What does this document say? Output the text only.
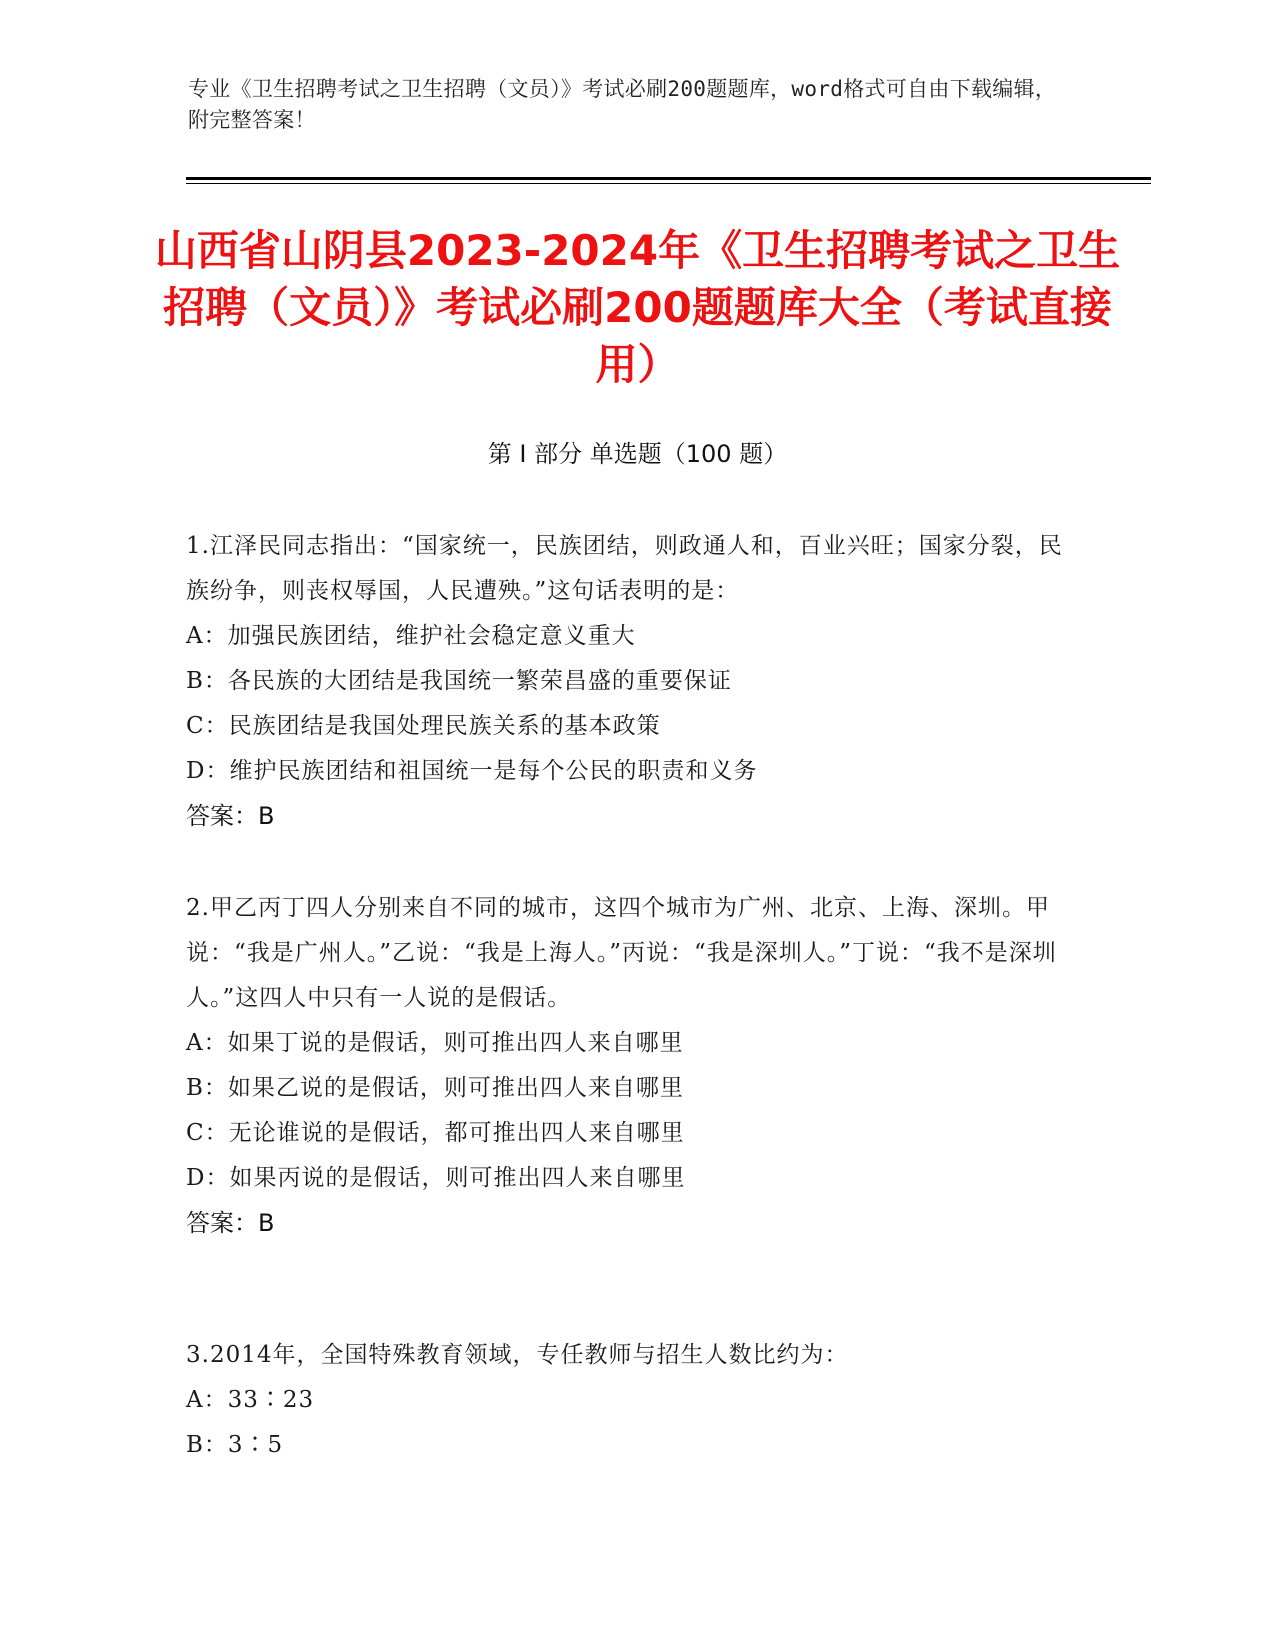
专业《卫生招聘考试之卫生招聘（文员）》考试必刷200题题库，word格式可自由下载编辑，附完整答案！
山西省山阴县2023-2024年《卫生招聘考试之卫生招聘（文员）》考试必刷200题题库大全（考试直接用）
第 I 部分 单选题（100 题）
1.江泽民同志指出：“国家统一，民族团结，则政通人和，百业兴旺；国家分裂，民族纷争，则丧权辱国，人民遭殃。”这句话表明的是：
A：加强民族团结，维护社会稳定意义重大
B：各民族的大团结是我国统一繁荣昌盛的重要保证
C：民族团结是我国处理民族关系的基本政策
D：维护民族团结和祖国统一是每个公民的职责和义务
答案：B
2.甲乙丙丁四人分别来自不同的城市，这四个城市为广州、北京、上海、深圳。甲说：“我是广州人。”乙说：“我是上海人。”丙说：“我是深圳人。”丁说：“我不是深圳人。”这四人中只有一人说的是假话。
A：如果丁说的是假话，则可推出四人来自哪里
B：如果乙说的是假话，则可推出四人来自哪里
C：无论谁说的是假话，都可推出四人来自哪里
D：如果丙说的是假话，则可推出四人来自哪里
答案：B
3.2014年，全国特殊教育领域，专任教师与招生人数比约为：
A：33∶23
B：3∶5
